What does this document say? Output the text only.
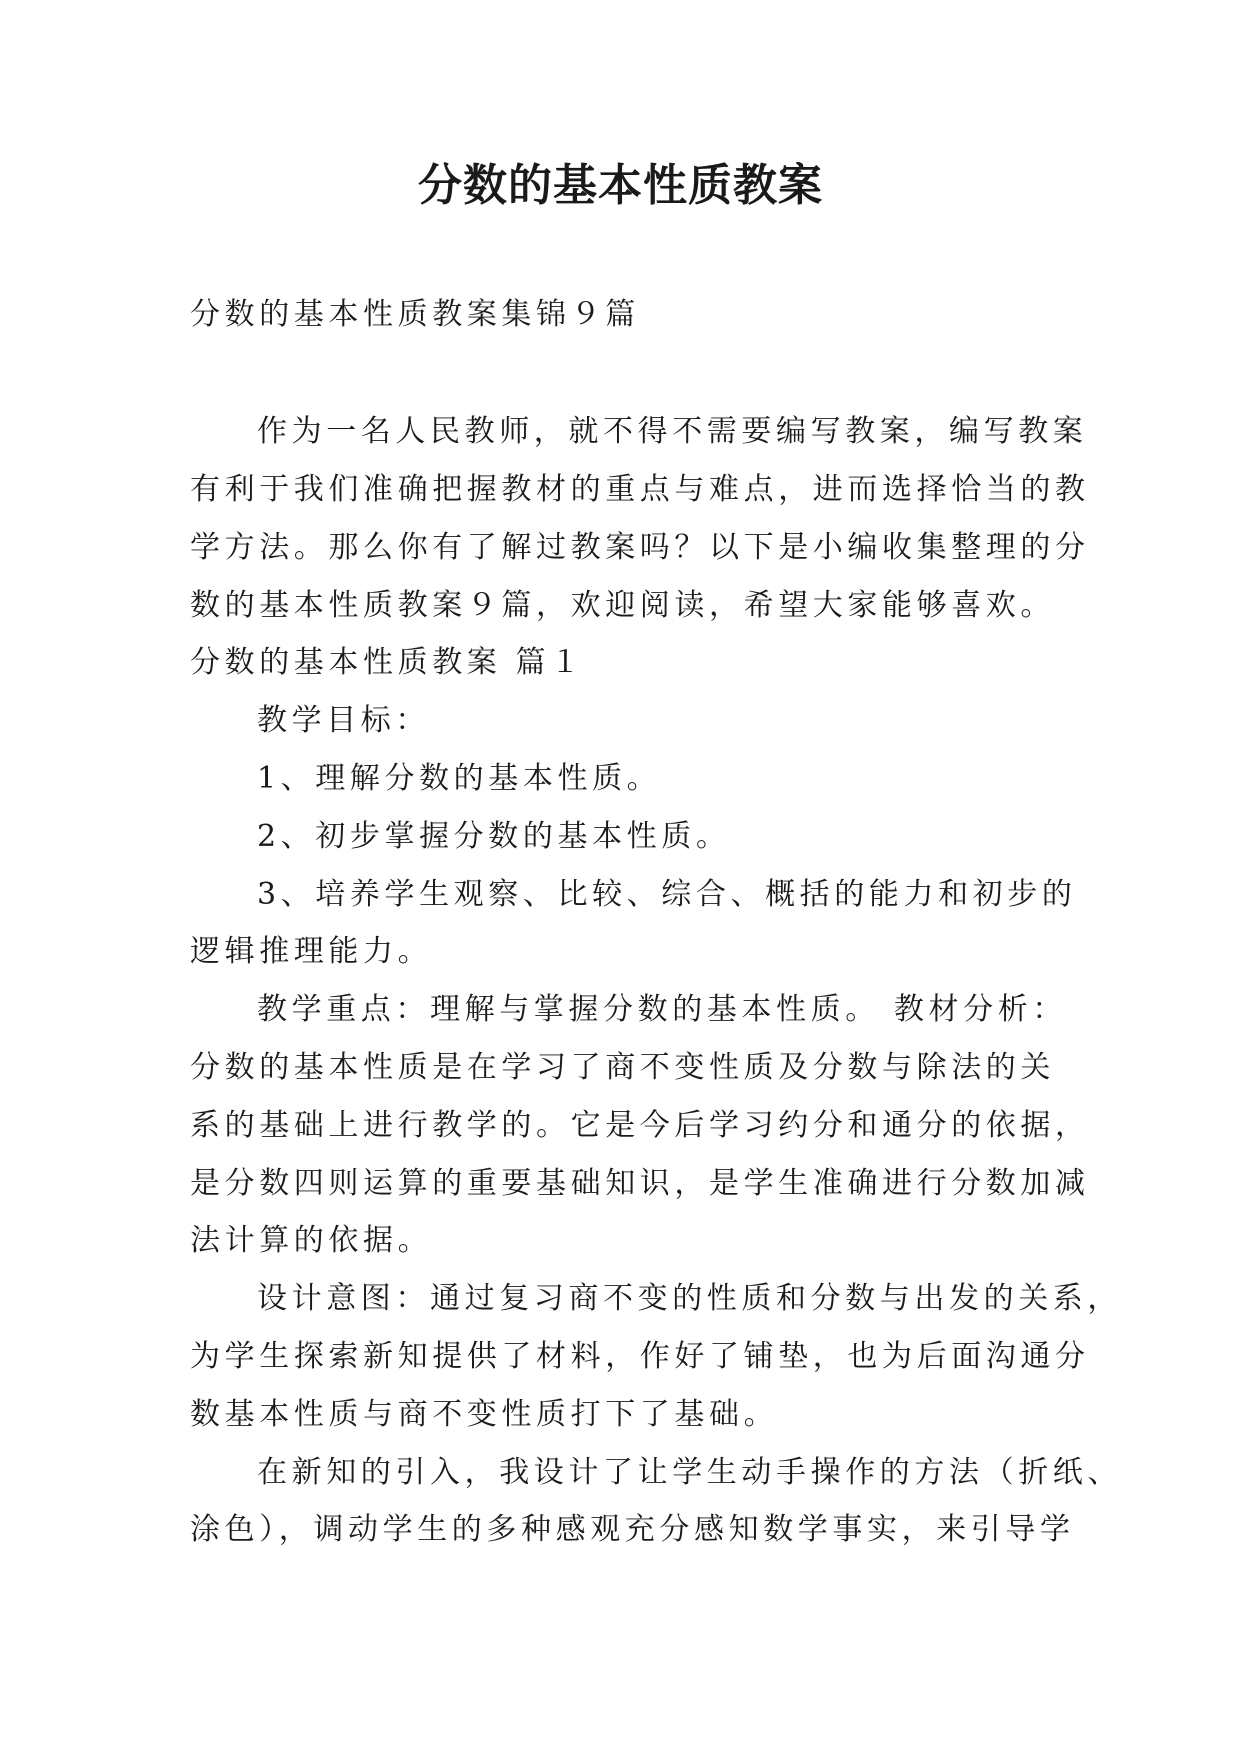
分数的基本性质教案

分数的基本性质教案集锦９篇

作为一名人民教师，就不得不需要编写教案，编写教案

有利于我们准确把握教材的重点与难点，进而选择恰当的教

学方法。那么你有了解过教案吗？以下是小编收集整理的分

数的基本性质教案９篇，欢迎阅读，希望大家能够喜欢。

分数的基本性质教案 篇１

教学目标：

1、理解分数的基本性质。

2、初步掌握分数的基本性质。

3、培养学生观察、比较、综合、概括的能力和初步的

逻辑推理能力。

教学重点：理解与掌握分数的基本性质。 教材分析：

分数的基本性质是在学习了商不变性质及分数与除法的关

系的基础上进行教学的。它是今后学习约分和通分的依据，

是分数四则运算的重要基础知识，是学生准确进行分数加减

法计算的依据。

设计意图：通过复习商不变的性质和分数与出发的关系，

为学生探索新知提供了材料，作好了铺垫，也为后面沟通分

数基本性质与商不变性质打下了基础。

在新知的引入，我设计了让学生动手操作的方法（折纸、

涂色），调动学生的多种感观充分感知数学事实，来引导学
